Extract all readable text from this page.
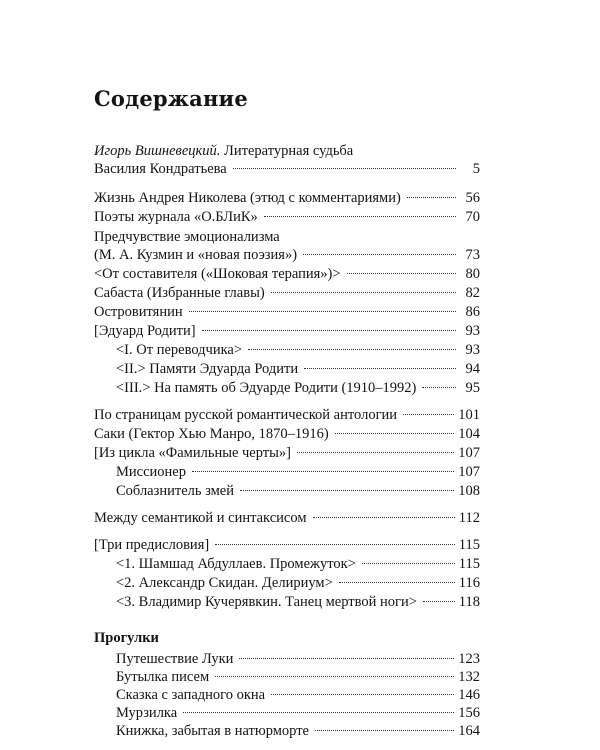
Содержание
Игорь Вишневецкий. Литературная судьба
Василия Кондратьева	5
Жизнь Андрея Николева (этюд с комментариями)	56
Поэты журнала «О.БЛиК»	70
Предчувствие эмоционализма
(М. А. Кузмин и «новая поэзия»)	73
<От составителя («Шоковая терапия»)>	80
Сабаста (Избранные главы)	82
Островитянин	86
[Эдуард Родити]	93
<I. От переводчика>	93
<II.> Памяти Эдуарда Родити	94
<III.> На память об Эдуарде Родити (1910–1992)	95
По страницам русской романтической антологии	101
Саки (Гектор Хью Манро, 1870–1916)	104
[Из цикла «Фамильные черты»]	107
Миссионер	107
Соблазнитель змей	108
Между семантикой и синтаксисом	112
[Три предисловия]	115
<1. Шамшад Абдуллаев. Промежуток>	115
<2. Александр Скидан. Делириум>	116
<3. Владимир Кучерявкин. Танец мертвой ноги>	118
Прогулки
Путешествие Луки	123
Бутылка писем	132
Сказка с западного окна	146
Мурзилка	156
Книжка, забытая в натюрморте	164
